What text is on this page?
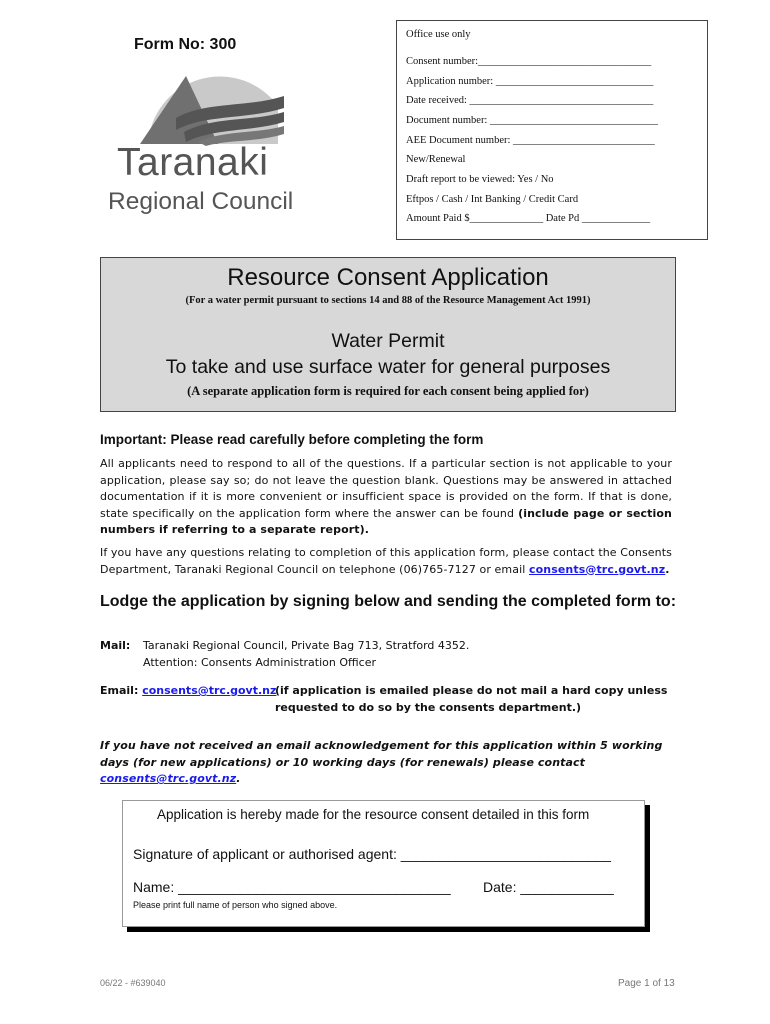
Form No: 300
Taranaki
Regional Council
Office use only
Consent number:_________________________________
Application number: ______________________________
Date received: ___________________________________
Document number: ________________________________
AEE Document number: ___________________________
New/Renewal
Draft report to be viewed: Yes / No
Eftpos / Cash / Int Banking / Credit Card
Amount Paid $______________ Date Pd _____________
Resource Consent Application
(For a water permit pursuant to sections 14 and 88 of the Resource Management Act 1991)
Water Permit
To take and use surface water for general purposes
(A separate application form is required for each consent being applied for)
Important: Please read carefully before completing the form
All applicants need to respond to all of the questions. If a particular section is not applicable to your application, please say so; do not leave the question blank. Questions may be answered in attached documentation if it is more convenient or insufficient space is provided on the form. If that is done, state specifically on the application form where the answer can be found (include page or section numbers if referring to a separate report).
If you have any questions relating to completion of this application form, please contact the Consents Department, Taranaki Regional Council on telephone (06)765-7127 or email consents@trc.govt.nz.
Lodge the application by signing below and sending the completed form to:
Mail: Taranaki Regional Council, Private Bag 713, Stratford 4352.
Attention: Consents Administration Officer
Email: consents@trc.govt.nz
(if application is emailed please do not mail a hard copy unless
requested to do so by the consents department.)
If you have not received an email acknowledgement for this application within 5 working days (for new applications) or 10 working days (for renewals) please contact consents@trc.govt.nz.
Application is hereby made for the resource consent detailed in this form
Signature of applicant or authorised agent: ___________________________
Name: ___________________________________ Date: ____________
Please print full name of person who signed above.
06/22 - #639040	Page 1 of 13
